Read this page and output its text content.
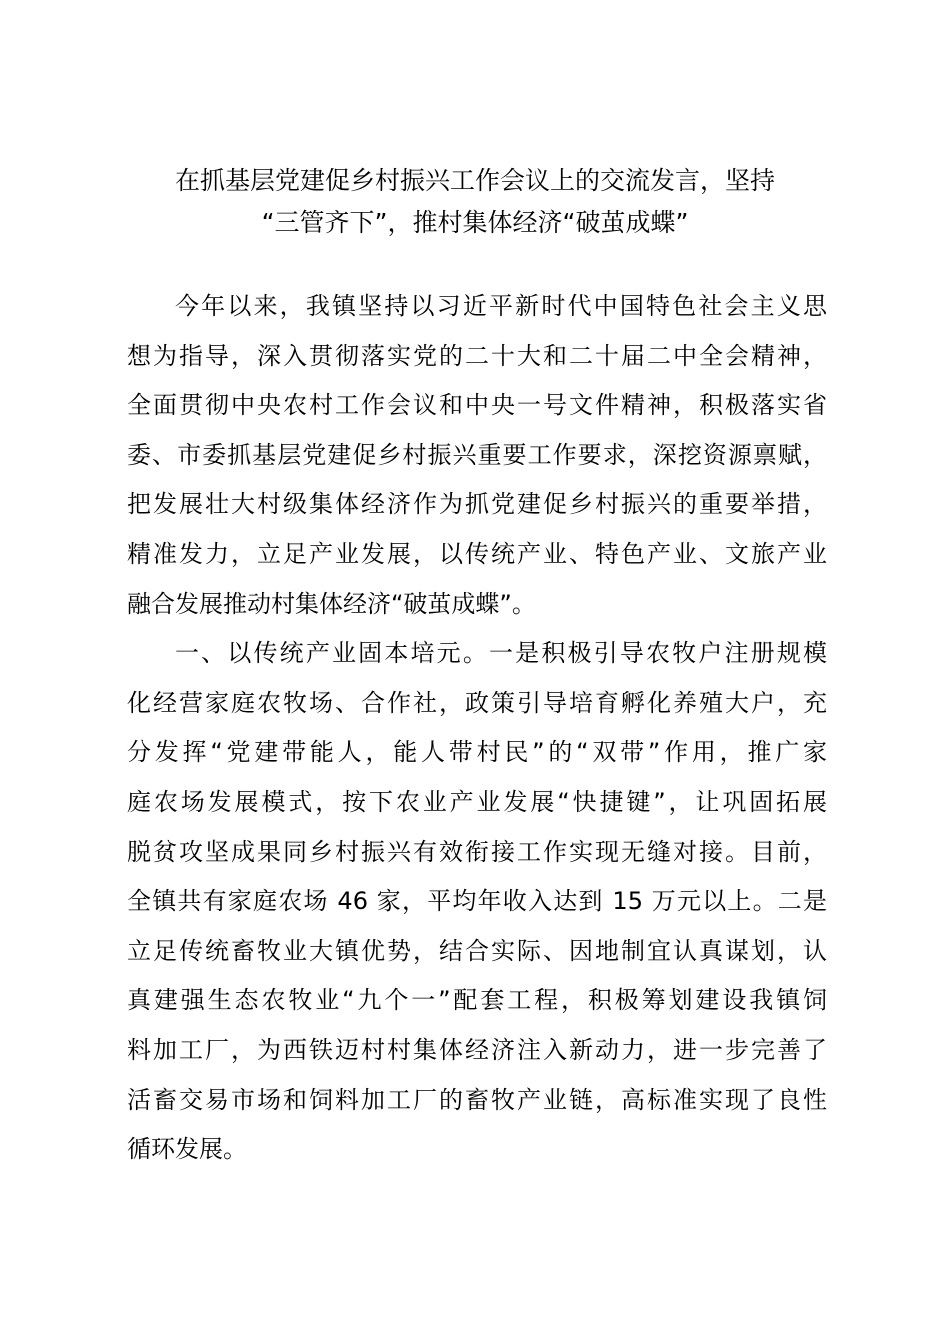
在抓基层党建促乡村振兴工作会议上的交流发言，坚持
“三管齐下”，推村集体经济“破茧成蝶”
今年以来，我镇坚持以习近平新时代中国特色社会主义思
想为指导，深入贯彻落实党的二十大和二十届二中全会精神，
全面贯彻中央农村工作会议和中央一号文件精神，积极落实省
委、市委抓基层党建促乡村振兴重要工作要求，深挖资源禀赋，
把发展壮大村级集体经济作为抓党建促乡村振兴的重要举措，
精准发力，立足产业发展，以传统产业、特色产业、文旅产业
融合发展推动村集体经济“破茧成蝶”。
一、以传统产业固本培元。一是积极引导农牧户注册规模
化经营家庭农牧场、合作社，政策引导培育孵化养殖大户，充
分发挥“党建带能人，能人带村民”的“双带”作用，推广家
庭农场发展模式，按下农业产业发展“快捷键”，让巩固拓展
脱贫攻坚成果同乡村振兴有效衔接工作实现无缝对接。目前，
全镇共有家庭农场 46 家，平均年收入达到 15 万元以上。二是
立足传统畜牧业大镇优势，结合实际、因地制宜认真谋划，认
真建强生态农牧业“九个一”配套工程，积极筹划建设我镇饲
料加工厂，为西铁迈村村集体经济注入新动力，进一步完善了
活畜交易市场和饲料加工厂的畜牧产业链，高标准实现了良性
循环发展。
